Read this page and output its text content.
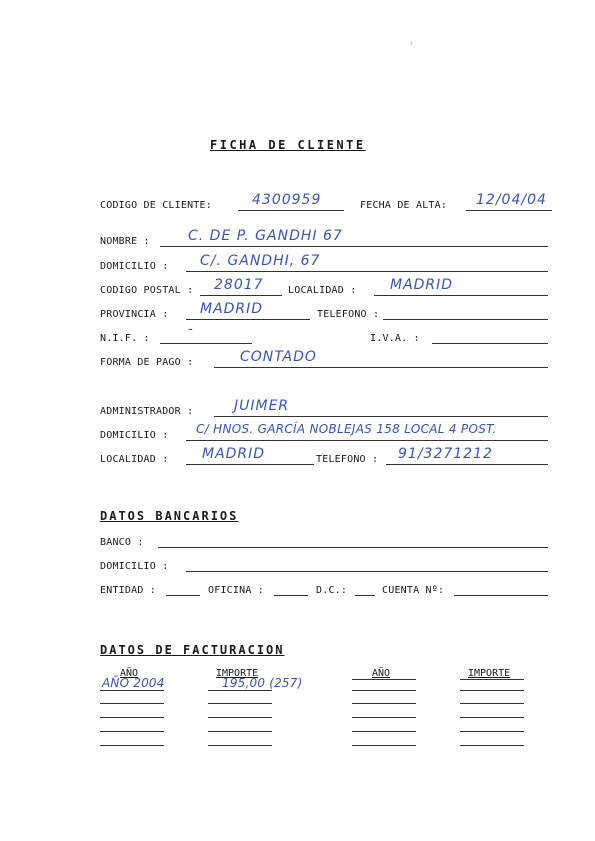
ᵗ
FICHA DE CLIENTE
CODIGO DE CLIENTE:	4300959	FECHA DE ALTA: 12/04/04
NOMBRE :	C. DE P. GANDHI 67
DOMICILIO : C/. GANDHI, 67
CODIGO POSTAL : 28017 LOCALIDAD : MADRID
PROVINCIA : MADRID	TELEFONO :
N.I.F. :
-
I.V.A. :
FORMA DE PAGO :	CONTADO
ADMINISTRADOR :	JUIMER
DOMICILIO : C/ HNOS. GARCÍA NOBLEJAS 158 LOCAL 4 POST.
LOCALIDAD : MADRID	TELEFONO : 91/3271212
DATOS BANCARIOS
BANCO :
DOMICILIO :
ENTIDAD :	OFICINA :	D.C.:	CUENTA Nº:
DATOS DE FACTURACION
AÑO	IMPORTE	AÑO	IMPORTE
AÑO 2004	195,00 (257)
